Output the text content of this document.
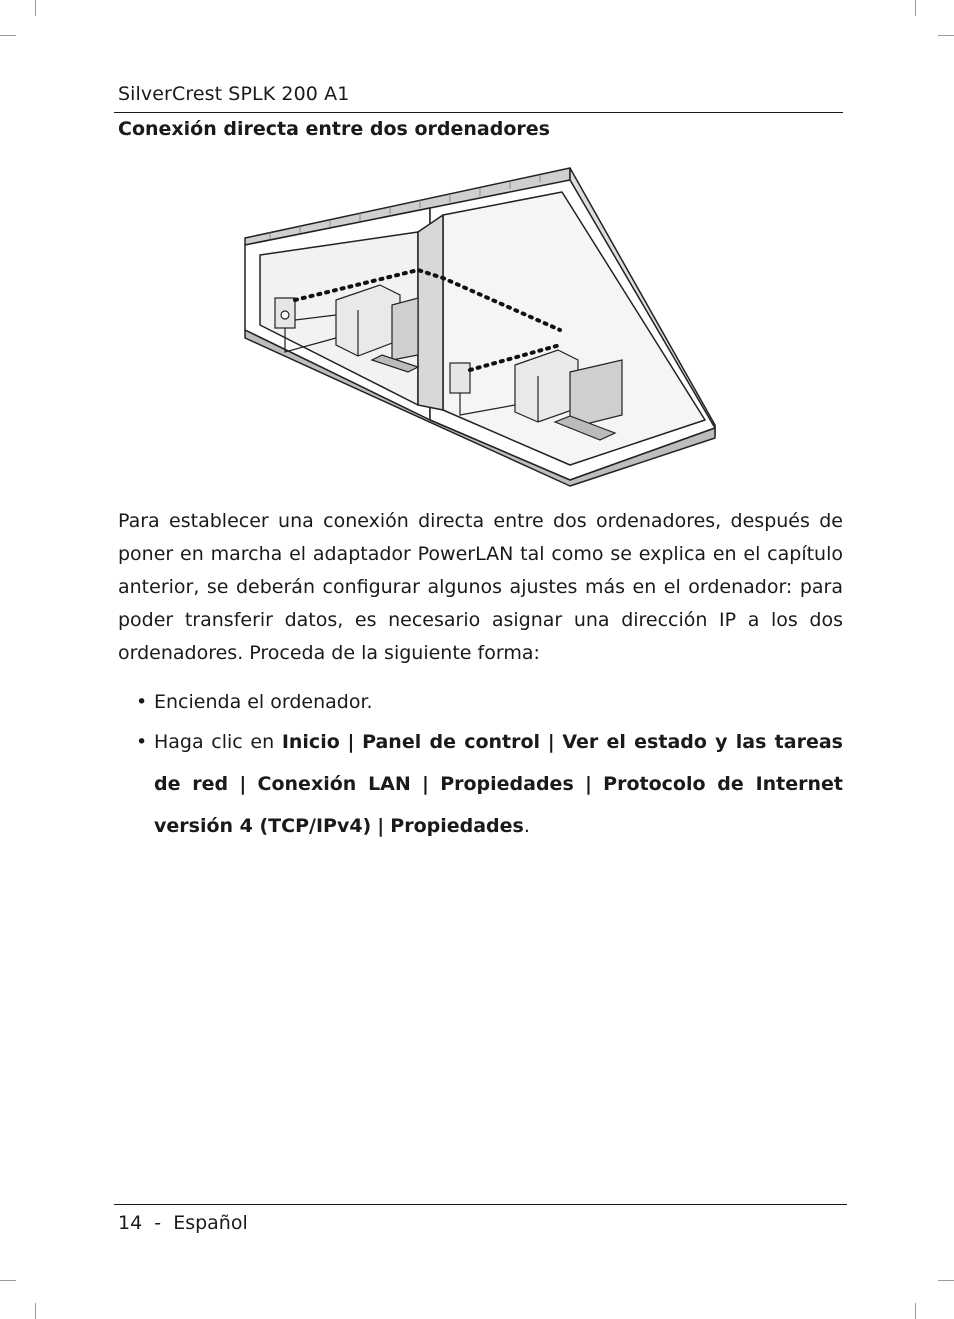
SilverCrest SPLK 200 A1
Conexión directa entre dos ordenadores
Para establecer una conexión directa entre dos ordenadores, después de poner en marcha el adaptador PowerLAN tal como se explica en el capítulo anterior, se deberán configurar algunos ajustes más en el ordenador: para poder transferir datos, es necesario asignar una dirección IP a los dos ordenadores. Proceda de la siguiente forma:
• Encienda el ordenador.
• Haga clic en Inicio | Panel de control | Ver el estado y las tareas de red | Conexión LAN | Propiedades | Protocolo de Internet versión 4 (TCP/IPv4) | Propiedades.
14  -  Español
